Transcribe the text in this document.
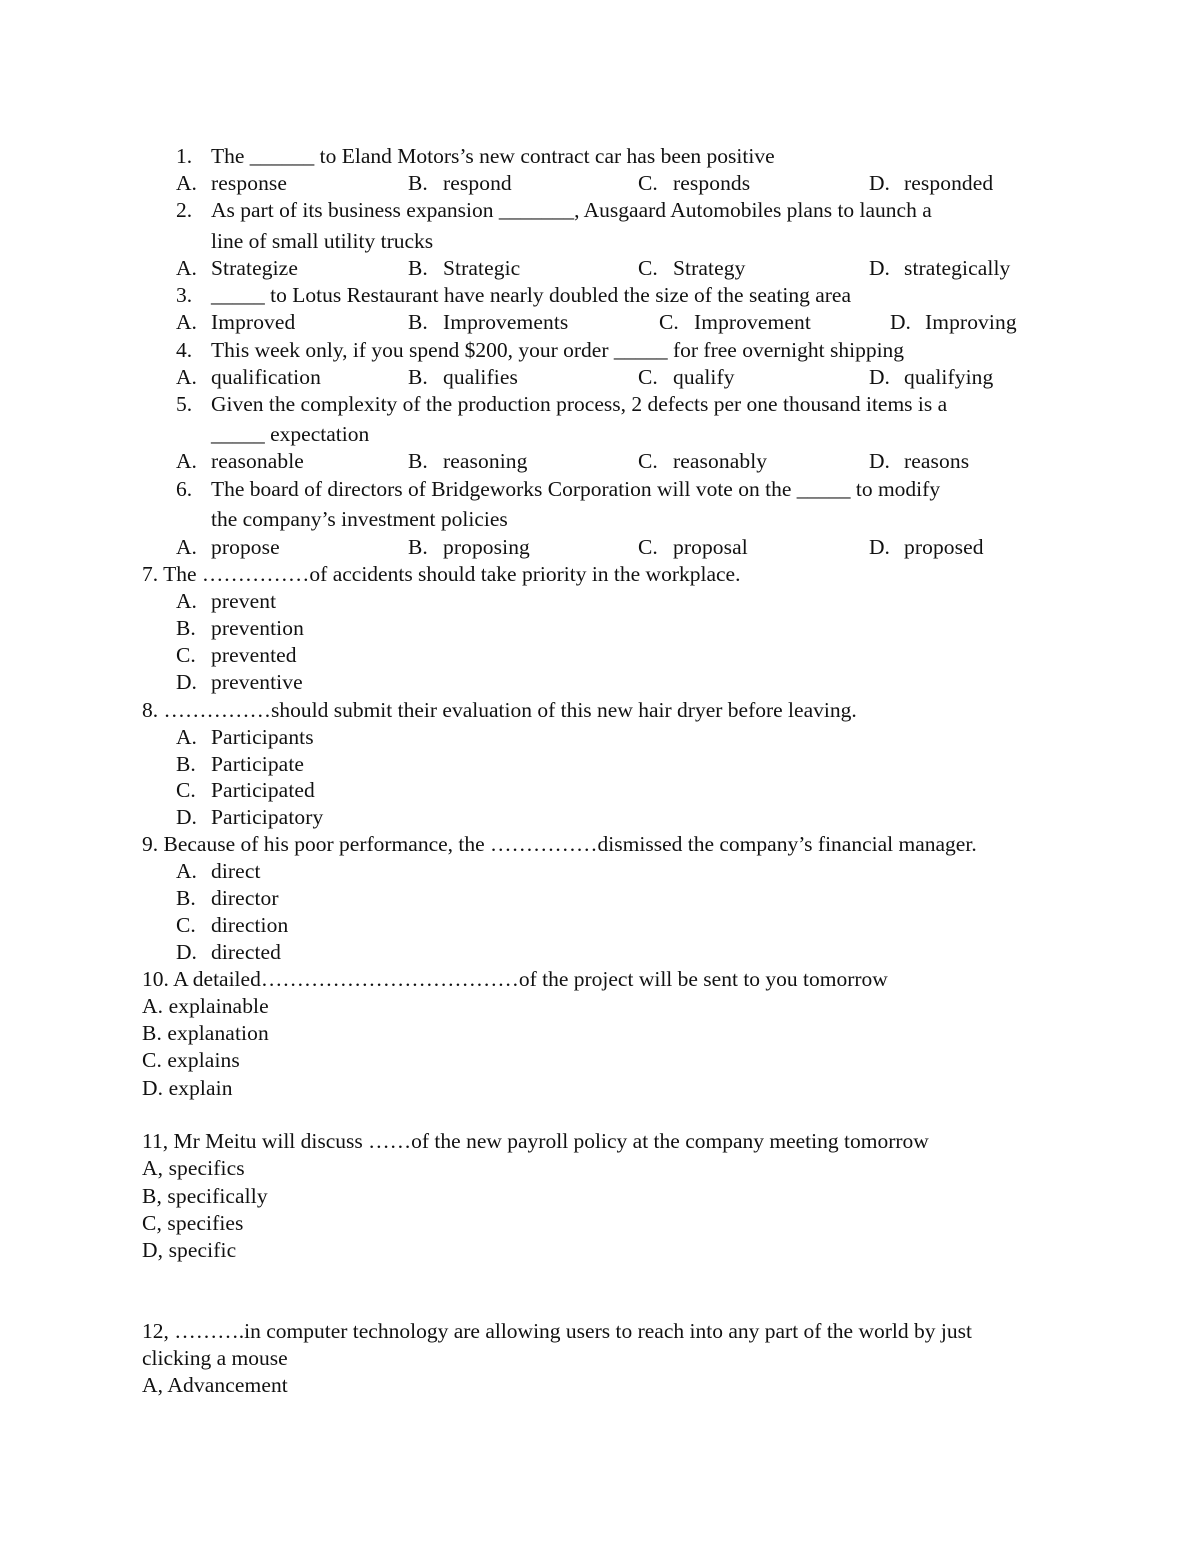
1. The ______ to Eland Motors’s new contract car has been positive
A. response	B. respond	C. responds	D. responded
2. As part of its business expansion _______, Ausgaard Automobiles plans to launch a
line of small utility trucks
A. Strategize	B. Strategic	C. Strategy	D. strategically
3. _____ to Lotus Restaurant have nearly doubled the size of the seating area
A. Improved	B. Improvements	C. Improvement	D. Improving
4. This week only, if you spend $200, your order _____ for free overnight shipping
A. qualification	B. qualifies	C. qualify	D. qualifying
5. Given the complexity of the production process, 2 defects per one thousand items is a
_____ expectation
A. reasonable	B. reasoning	C. reasonably	D. reasons
6. The board of directors of Bridgeworks Corporation will vote on the _____ to modify
the company’s investment policies
A. propose	B. proposing	C. proposal	D. proposed
7. The ……………of accidents should take priority in the workplace.
A. prevent
B. prevention
C. prevented
D. preventive
8. ……………should submit their evaluation of this new hair dryer before leaving.
A. Participants
B. Participate
C. Participated
D. Participatory
9. Because of his poor performance, the ……………dismissed the company’s financial manager.
A. direct
B. director
C. direction
D. directed
10. A detailed………………………………of the project will be sent to you tomorrow
A. explainable
B. explanation
C. explains
D. explain
11, Mr Meitu will discuss ……of the new payroll policy at the company meeting tomorrow
A, specifics
B, specifically
C, specifies
D, specific
12, ……….in computer technology are allowing users to reach into any part of the world by just
clicking a mouse
A, Advancement
